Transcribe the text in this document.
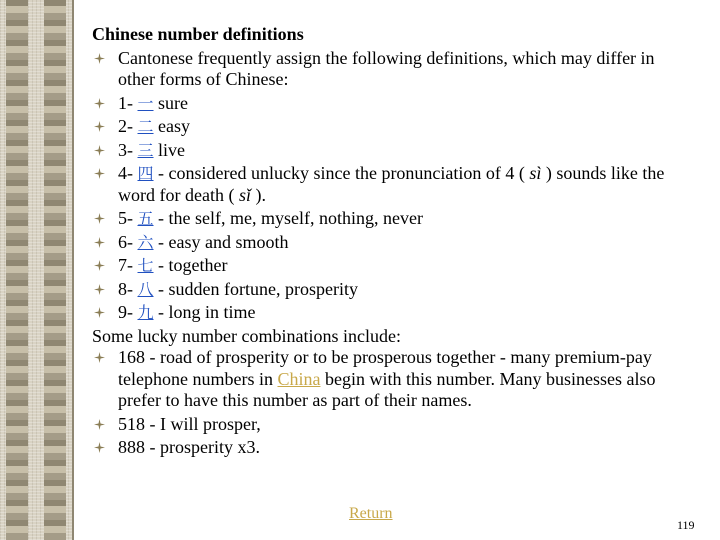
Chinese number definitions
Cantonese frequently assign the following definitions, which may differ in other forms of Chinese:
1- 一 sure
2- 二 easy
3- 三 live
4- 四 - considered unlucky since the pronunciation of 4 ( sì ) sounds like the word for death ( sǐ ).
5- 五 - the self, me, myself, nothing, never
6- 六 - easy and smooth
7- 七 - together
8- 八 - sudden fortune, prosperity
9- 九 - long in time
Some lucky number combinations include:
168 - road of prosperity or to be prosperous together - many premium-pay telephone numbers in China begin with this number. Many businesses also prefer to have this number as part of their names.
518 - I will prosper,
888 - prosperity x3.
Return
119
